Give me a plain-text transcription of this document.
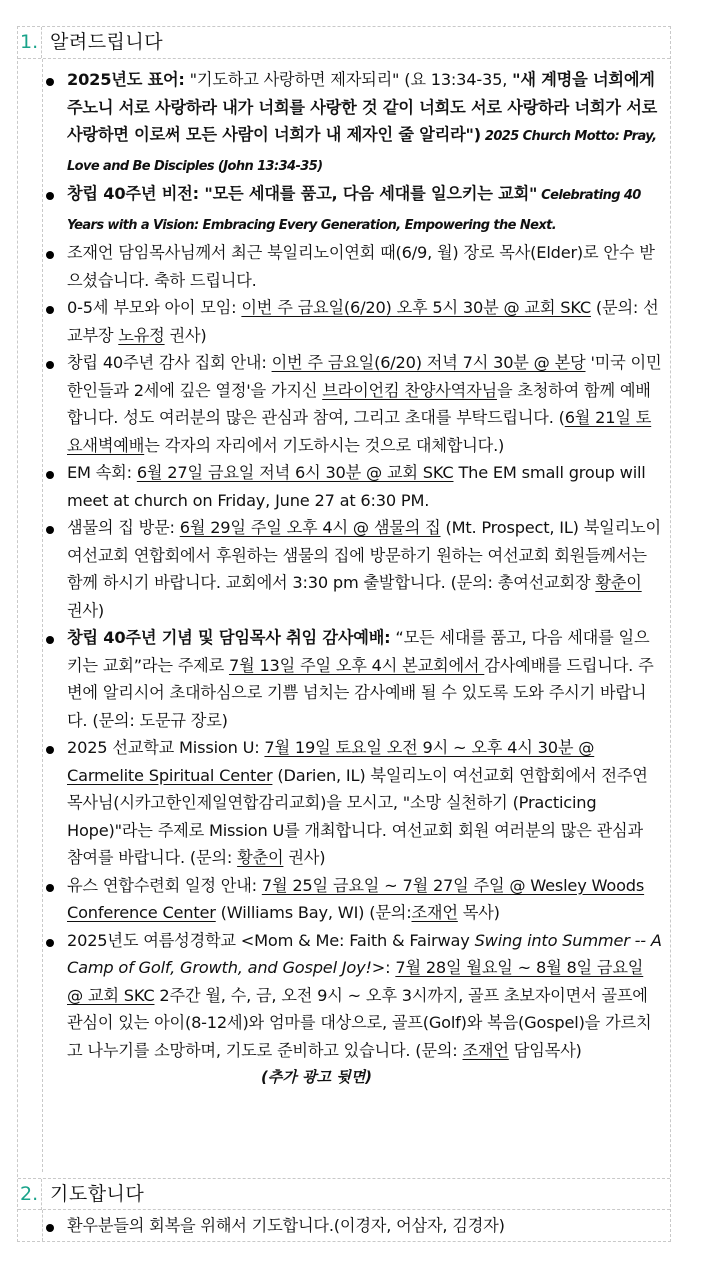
1. 알려드립니다
2025년도 표어: "기도하고 사랑하면 제자되리" (요 13:34-35, "새 계명을 너희에게 주노니 서로 사랑하라 내가 너희를 사랑한 것 같이 너희도 서로 사랑하라 너희가 서로 사랑하면 이로써 모든 사람이 너희가 내 제자인 줄 알리라") 2025 Church Motto: Pray, Love and Be Disciples (John 13:34-35)
창립 40주년 비전: "모든 세대를 품고, 다음 세대를 일으키는 교회" Celebrating 40 Years with a Vision: Embracing Every Generation, Empowering the Next.
조재언 담임목사님께서 최근 북일리노이연회 때(6/9, 월) 장로 목사(Elder)로 안수 받으셨습니다. 축하 드립니다.
0-5세 부모와 아이 모임: 이번 주 금요일(6/20) 오후 5시 30분 @ 교회 SKC (문의: 선교부장 노유정 권사)
창립 40주년 감사 집회 안내: 이번 주 금요일(6/20) 저녁 7시 30분 @ 본당 '미국 이민 한인들과 2세에 깊은 열정'을 가지신 브라이언킴 찬양사역자님을 초청하여 함께 예배합니다. 성도 여러분의 많은 관심과 참여, 그리고 초대를 부탁드립니다. (6월 21일 토요새벽예배는 각자의 자리에서 기도하시는 것으로 대체합니다.)
EM 속회: 6월 27일 금요일 저녁 6시 30분 @ 교회 SKC The EM small group will meet at church on Friday, June 27 at 6:30 PM.
샘물의 집 방문: 6월 29일 주일 오후 4시 @ 샘물의 집 (Mt. Prospect, IL) 북일리노이 여선교회 연합회에서 후원하는 샘물의 집에 방문하기 원하는 여선교회 회원들께서는 함께 하시기 바랍니다. 교회에서 3:30 pm 출발합니다. (문의: 총여선교회장 황춘이 권사)
창립 40주년 기념 및 담임목사 취임 감사예배: “모든 세대를 품고, 다음 세대를 일으키는 교회”라는 주제로 7월 13일 주일 오후 4시 본교회에서 감사예배를 드립니다. 주변에 알리시어 초대하심으로 기쁨 넘치는 감사예배 될 수 있도록 도와 주시기 바랍니다. (문의: 도문규 장로)
2025 선교학교 Mission U: 7월 19일 토요일 오전 9시 ~ 오후 4시 30분 @ Carmelite Spiritual Center (Darien, IL) 북일리노이 여선교회 연합회에서 전주연 목사님(시카고한인제일연합감리교회)을 모시고, "소망 실천하기 (Practicing Hope)"라는 주제로 Mission U를 개최합니다. 여선교회 회원 여러분의 많은 관심과 참여를 바랍니다. (문의: 황춘이 권사)
유스 연합수련회 일정 안내: 7월 25일 금요일 ~ 7월 27일 주일 @ Wesley Woods Conference Center (Williams Bay, WI) (문의:조재언 목사)
2025년도 여름성경학교 <Mom & Me: Faith & Fairway Swing into Summer -- A Camp of Golf, Growth, and Gospel Joy!>: 7월 28일 월요일 ~ 8월 8일 금요일 @ 교회 SKC 2주간 월, 수, 금, 오전 9시 ~ 오후 3시까지, 골프 초보자이면서 골프에 관심이 있는 아이(8-12세)와 엄마를 대상으로, 골프(Golf)와 복음(Gospel)을 가르치고 나누기를 소망하며, 기도로 준비하고 있습니다. (문의: 조재언 담임목사)
(추가 광고 뒷면)
2. 기도합니다
환우분들의 회복을 위해서 기도합니다.(이경자, 어삼자, 김경자)
